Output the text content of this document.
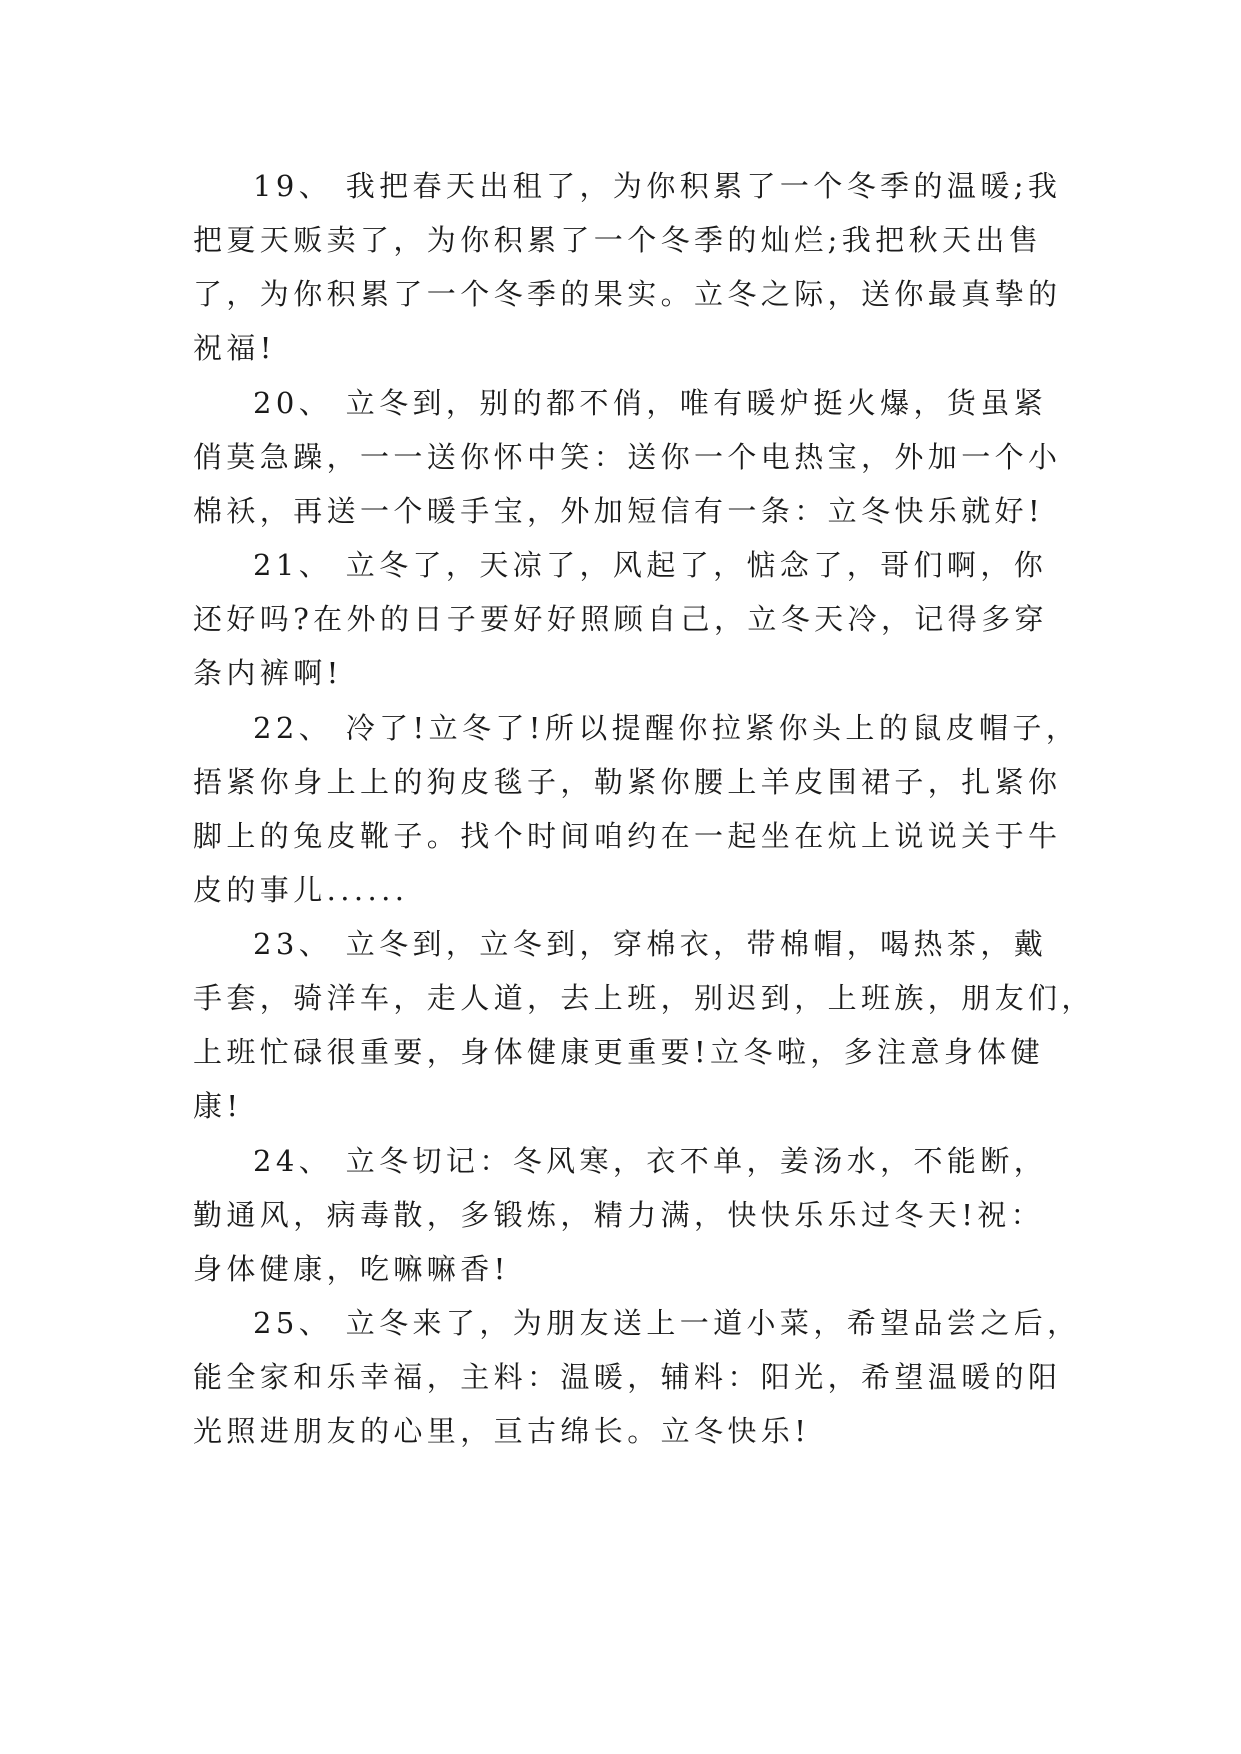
19、 我把春天出租了，为你积累了一个冬季的温暖;我
把夏天贩卖了，为你积累了一个冬季的灿烂;我把秋天出售
了，为你积累了一个冬季的果实。立冬之际，送你最真挚的
祝福!
20、 立冬到，别的都不俏，唯有暖炉挺火爆，货虽紧
俏莫急躁，一一送你怀中笑：送你一个电热宝，外加一个小
棉袄，再送一个暖手宝，外加短信有一条：立冬快乐就好!
21、 立冬了，天凉了，风起了，惦念了，哥们啊，你
还好吗?在外的日子要好好照顾自己，立冬天冷，记得多穿
条内裤啊!
22、 冷了!立冬了!所以提醒你拉紧你头上的鼠皮帽子，
捂紧你身上上的狗皮毯子，勒紧你腰上羊皮围裙子，扎紧你
脚上的兔皮靴子。找个时间咱约在一起坐在炕上说说关于牛
皮的事儿......
23、 立冬到，立冬到，穿棉衣，带棉帽，喝热茶，戴
手套，骑洋车，走人道，去上班，别迟到，上班族，朋友们，
上班忙碌很重要，身体健康更重要!立冬啦，多注意身体健
康!
24、 立冬切记：冬风寒，衣不单，姜汤水，不能断，
勤通风，病毒散，多锻炼，精力满，快快乐乐过冬天!祝：
身体健康，吃嘛嘛香!
25、 立冬来了，为朋友送上一道小菜，希望品尝之后，
能全家和乐幸福，主料：温暖，辅料：阳光，希望温暖的阳
光照进朋友的心里，亘古绵长。立冬快乐!
